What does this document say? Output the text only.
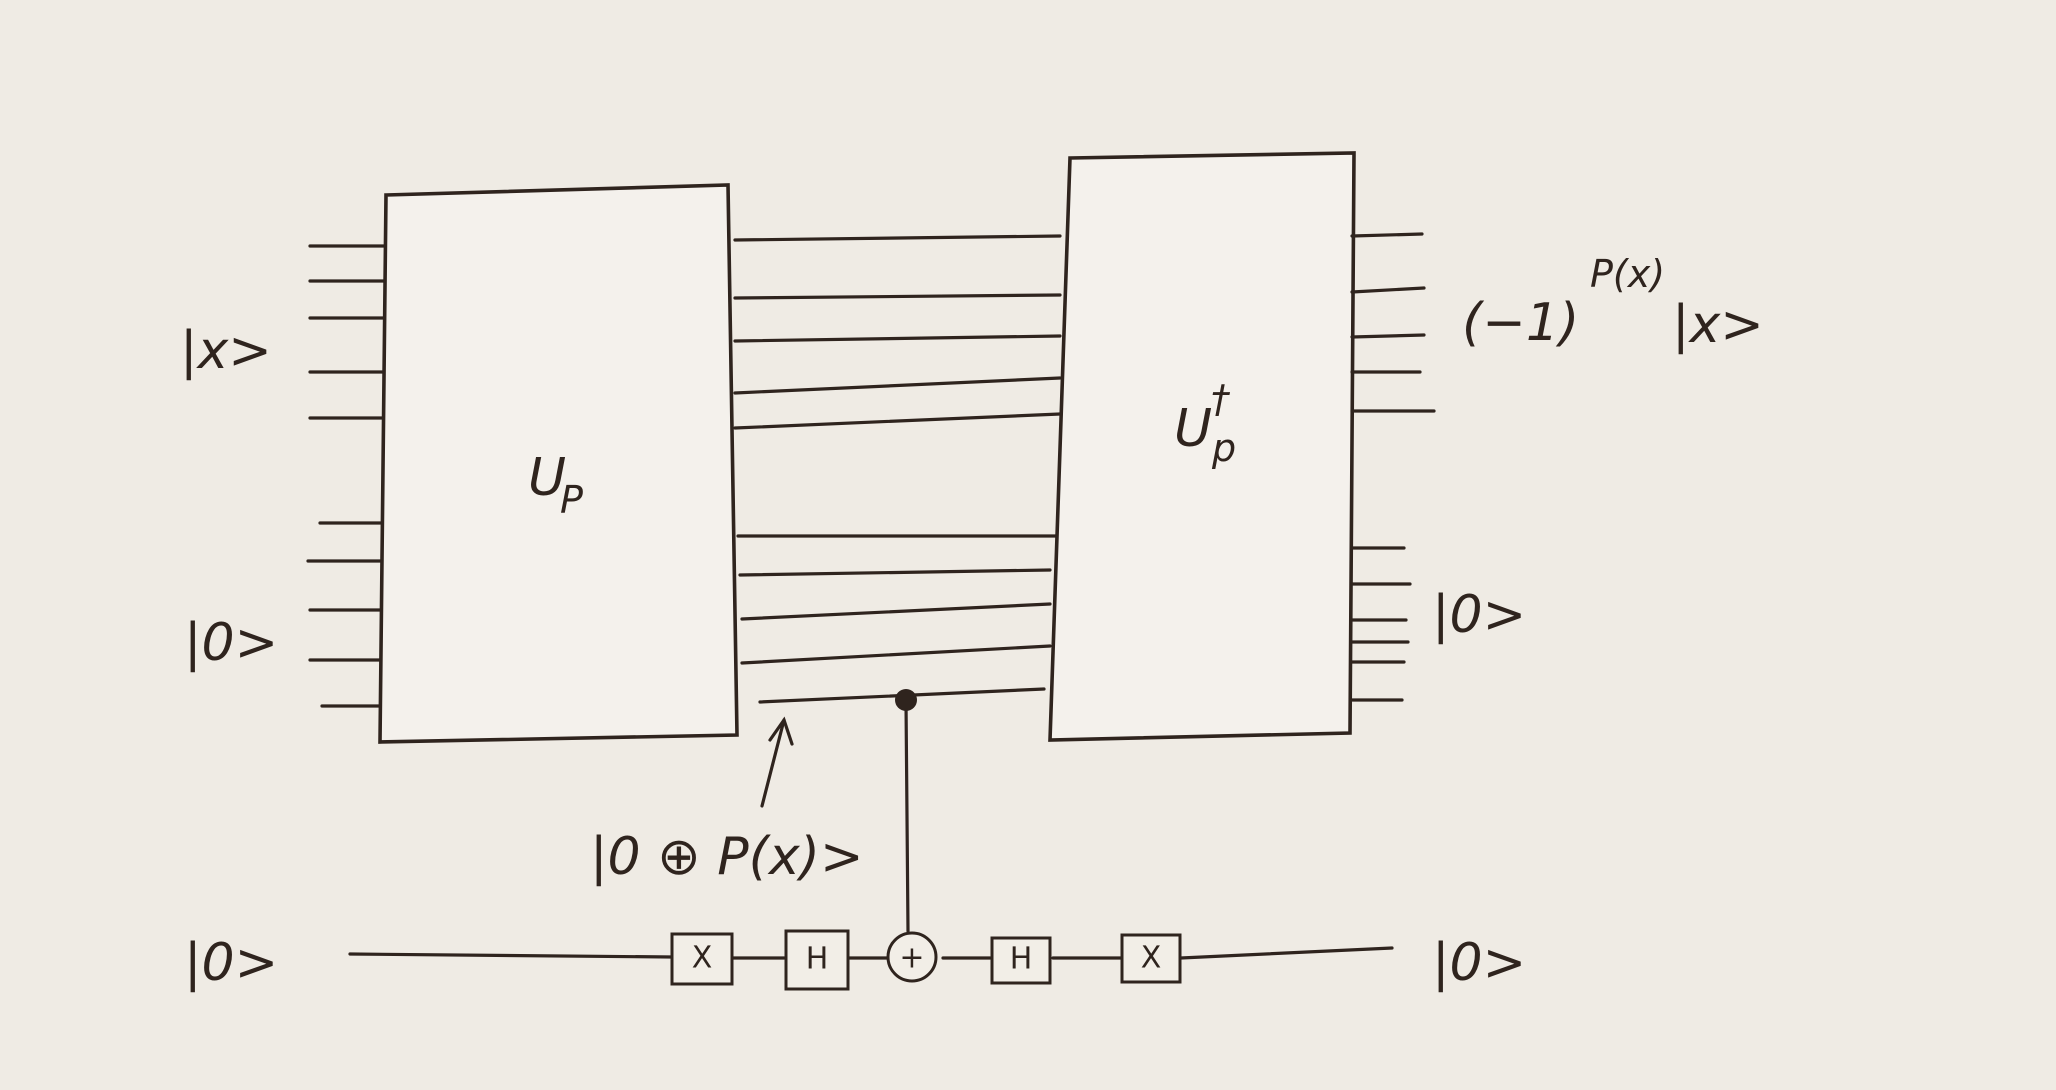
X	H +	H	X
|x>
|0>
|0>
U
P
U p
†
(−1)
P(x)
|x>
|0>
|0>
|0 ⊕ P(x)>
